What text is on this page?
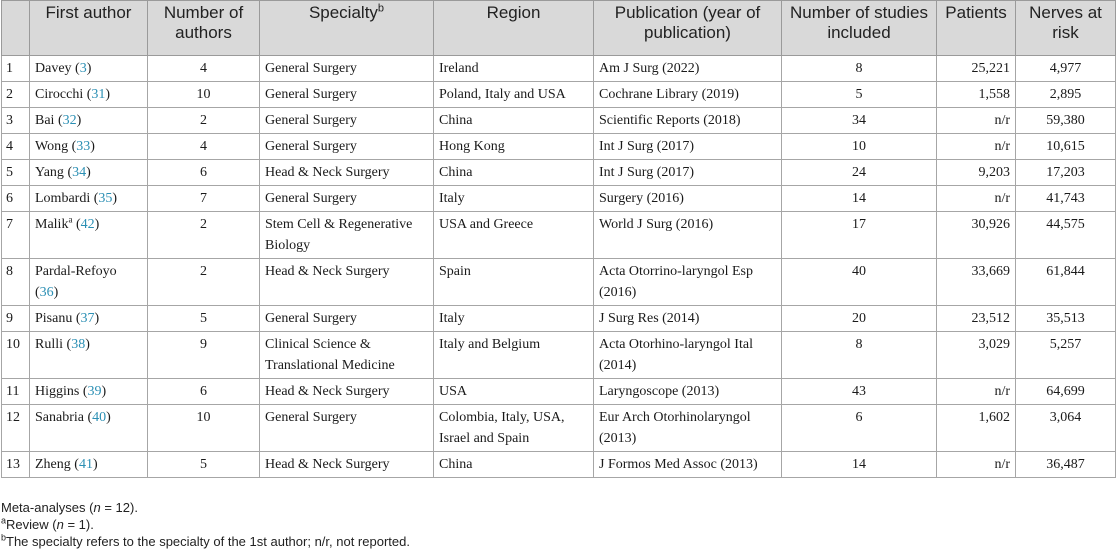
	First author	Number of authors	Specialty$^b$	Region	Publication (year of publication)	Number of studies included	Patients	Nerves at risk
1	Davey (3)	4	General Surgery	Ireland	Am J Surg (2022)	8	25,221	4,977
2	Cirocchi (31)	10	General Surgery	Poland, Italy and USA	Cochrane Library (2019)	5	1,558	2,895
3	Bai (32)	2	General Surgery	China	Scientific Reports (2018)	34	n/r	59,380
4	Wong (33)	4	General Surgery	Hong Kong	Int J Surg (2017)	10	n/r	10,615
5	Yang (34)	6	Head & Neck Surgery	China	Int J Surg (2017)	24	9,203	17,203
6	Lombardi (35)	7	General Surgery	Italy	Surgery (2016)	14	n/r	41,743
7	Malik$^a$ (42)	2	Stem Cell & Regenerative Biology	USA and Greece	World J Surg (2016)	17	30,926	44,575
8	Pardal-Refoyo (36)	2	Head & Neck Surgery	Spain	Acta Otorrino-laryngol Esp (2016)	40	33,669	61,844
9	Pisanu (37)	5	General Surgery	Italy	J Surg Res (2014)	20	23,512	35,513
10	Rulli (38)	9	Clinical Science & Translational Medicine	Italy and Belgium	Acta Otorhino-laryngol Ital (2014)	8	3,029	5,257
11	Higgins (39)	6	Head & Neck Surgery	USA	Laryngoscope (2013)	43	n/r	64,699
12	Sanabria (40)	10	General Surgery	Colombia, Italy, USA, Israel and Spain	Eur Arch Otorhinolaryngol (2013)	6	1,602	3,064
13	Zheng (41)	5	Head & Neck Surgery	China	J Formos Med Assoc (2013)	14	n/r	36,487
Meta-analyses (n = 12).
$^a$Review (n = 1).
$^b$The specialty refers to the specialty of the 1st author; n/r, not reported.
